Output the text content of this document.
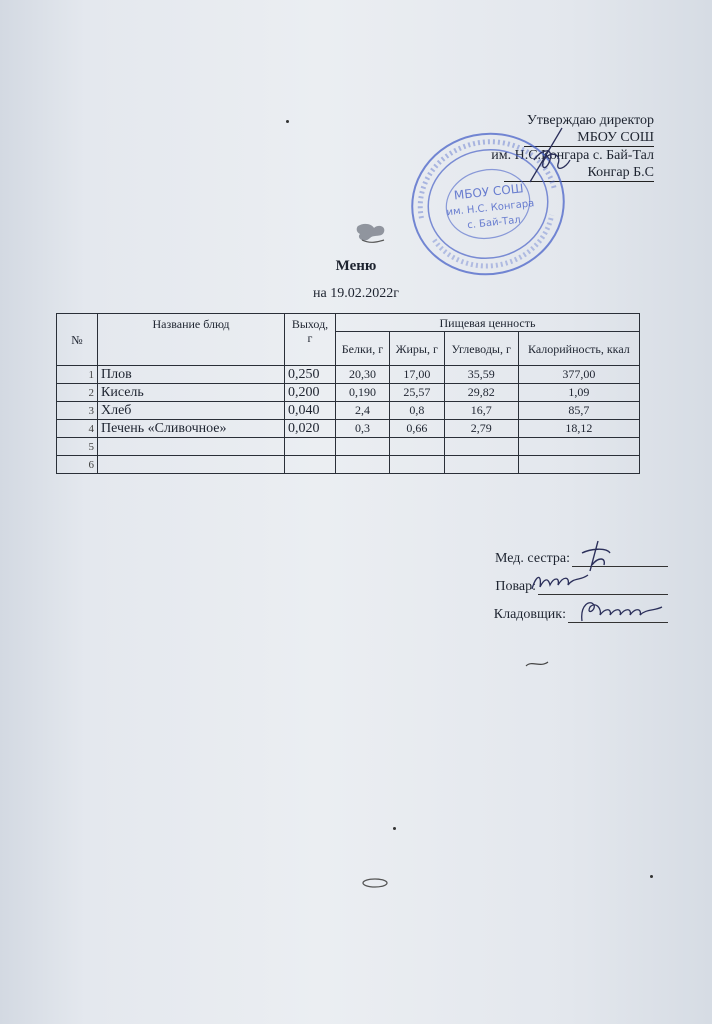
Утверждаю директор
МБОУ СОШ
им. Н.С.Конгара с. Бай-Тал
Конгар Б.С
МБОУ СОШ
им. Н.С. Конгара
с. Бай-Тал
Меню
на 19.02.2022г
№	Название блюд	Выход, г	Пищевая ценность			
			Белки, г	Жиры, г	Углеводы, г	Калорийность, ккал
1	Плов	0,250	20,30	17,00	35,59	377,00
2	Кисель	0,200	0,190	25,57	29,82	1,09
3	Хлеб	0,040	2,4	0,8	16,7	85,7
4	Печень «Сливочное»	0,020	0,3	0,66	2,79	18,12
5						
6						
Мед. сестра:
Повар:
Кладовщик:
